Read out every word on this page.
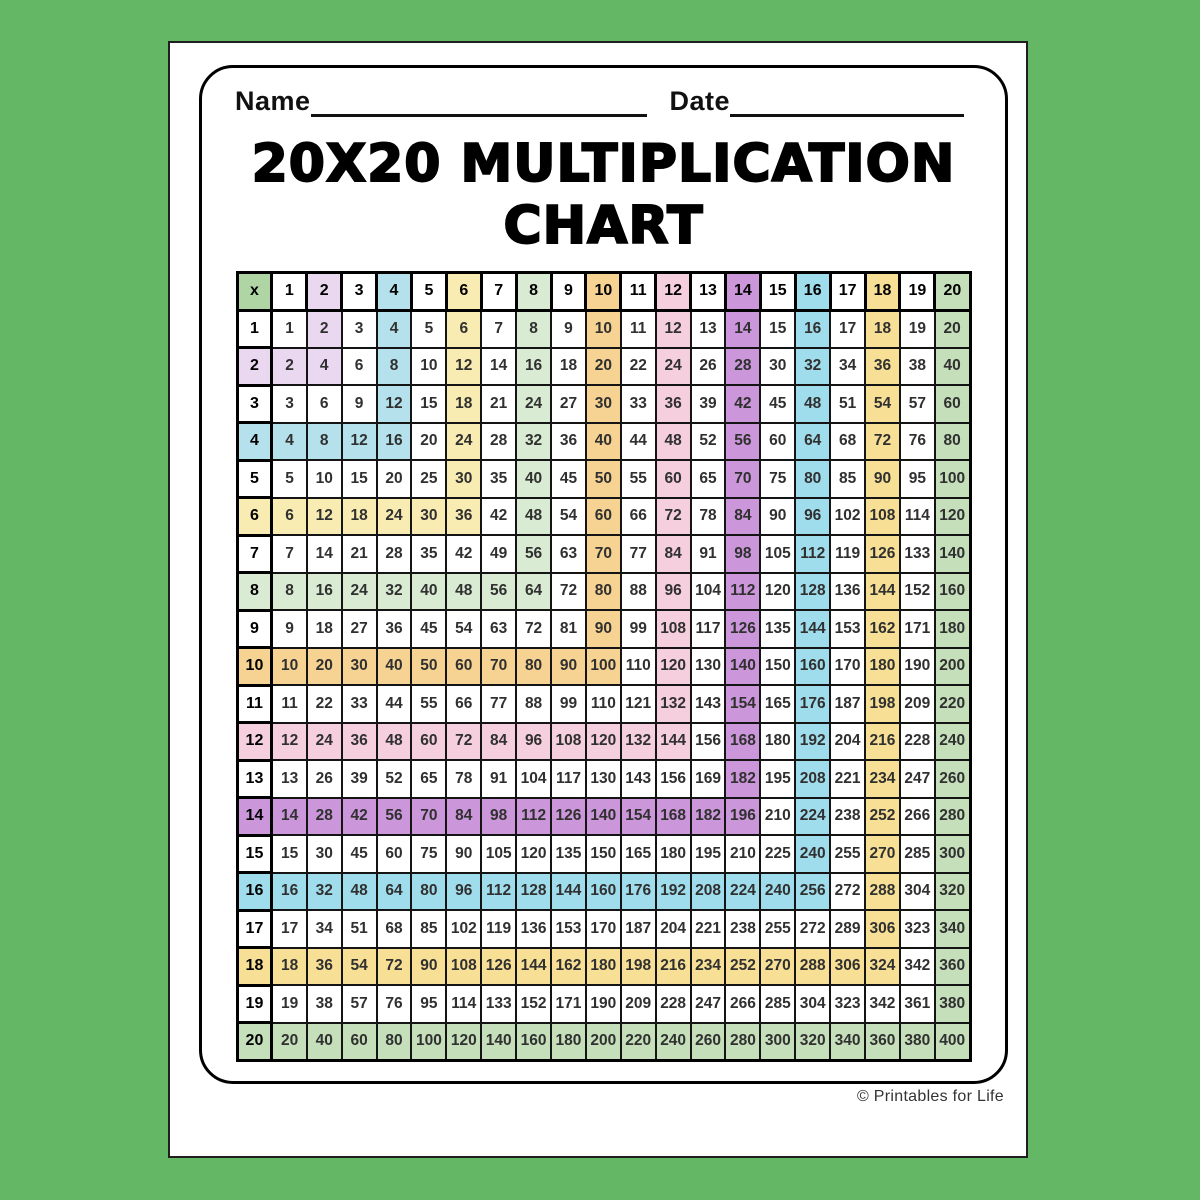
Name	Date
20X20 MULTIPLICATION
CHART
x	1	2	3	4	5	6	7	8	9	10	11	12	13	14	15	16	17	18	19	20
1	1	2	3	4	5	6	7	8	9	10	11	12	13	14	15	16	17	18	19	20
2	2	4	6	8	10	12	14	16	18	20	22	24	26	28	30	32	34	36	38	40
3	3	6	9	12	15	18	21	24	27	30	33	36	39	42	45	48	51	54	57	60
4	4	8	12	16	20	24	28	32	36	40	44	48	52	56	60	64	68	72	76	80
5	5	10	15	20	25	30	35	40	45	50	55	60	65	70	75	80	85	90	95	100
6	6	12	18	24	30	36	42	48	54	60	66	72	78	84	90	96	102	108	114	120
7	7	14	21	28	35	42	49	56	63	70	77	84	91	98	105	112	119	126	133	140
8	8	16	24	32	40	48	56	64	72	80	88	96	104	112	120	128	136	144	152	160
9	9	18	27	36	45	54	63	72	81	90	99	108	117	126	135	144	153	162	171	180
10	10	20	30	40	50	60	70	80	90	100	110	120	130	140	150	160	170	180	190	200
11	11	22	33	44	55	66	77	88	99	110	121	132	143	154	165	176	187	198	209	220
12	12	24	36	48	60	72	84	96	108	120	132	144	156	168	180	192	204	216	228	240
13	13	26	39	52	65	78	91	104	117	130	143	156	169	182	195	208	221	234	247	260
14	14	28	42	56	70	84	98	112	126	140	154	168	182	196	210	224	238	252	266	280
15	15	30	45	60	75	90	105	120	135	150	165	180	195	210	225	240	255	270	285	300
16	16	32	48	64	80	96	112	128	144	160	176	192	208	224	240	256	272	288	304	320
17	17	34	51	68	85	102	119	136	153	170	187	204	221	238	255	272	289	306	323	340
18	18	36	54	72	90	108	126	144	162	180	198	216	234	252	270	288	306	324	342	360
19	19	38	57	76	95	114	133	152	171	190	209	228	247	266	285	304	323	342	361	380
20	20	40	60	80	100	120	140	160	180	200	220	240	260	280	300	320	340	360	380	400
© Printables for Life
